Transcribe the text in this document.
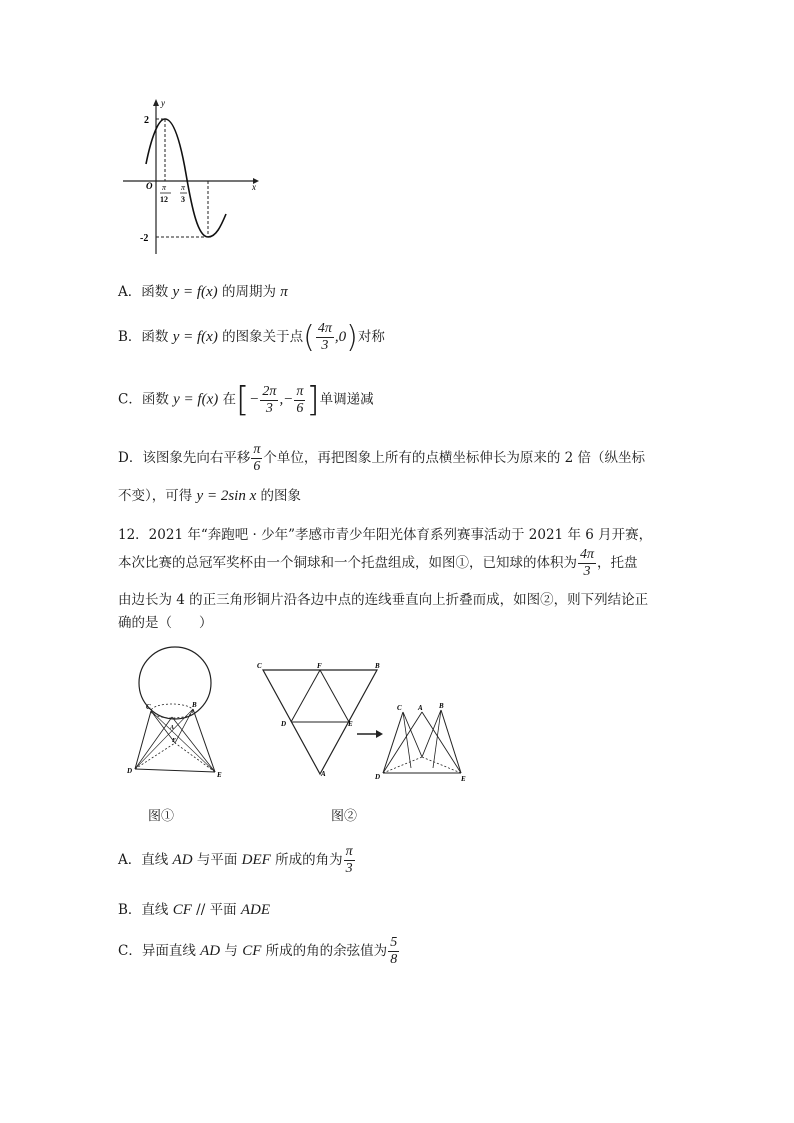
y
x
O
2
-2
π
12
π
3
A．函数 y = f(x) 的周期为 π
B．函数 y = f(x) 的图象关于点( $\frac{4\pi}{3} ,0$)对称
C．函数 y = f(x) 在[− $\frac{2\pi}{3}$ ,− $\frac{\pi}{6}$ ]单调递减
D．该图象先向右平移 $\frac{\pi}{6}$ 个单位，再把图象上所有的点横坐标伸长为原来的 2 倍（纵坐标
不变），可得 y = 2sin x 的图象
12．2021 年“奔跑吧 · 少年”孝感市青少年阳光体育系列赛事活动于 2021 年 6 月开赛，
本次比赛的总冠军奖杯由一个铜球和一个托盘组成，如图①，已知球的体积为 $\frac{4\pi}{3}$ ，托盘
由边长为 4 的正三角形铜片沿各边中点的连线垂直向上折叠而成，如图②，则下列结论正
确的是（　　）
C	B
A
F
D	E
C	F	B
D	E
A
C A B
D	E
图①	图②
A．直线 AD 与平面 DEF 所成的角为 $\frac{\pi}{3}$
B．直线 CF // 平面 ADE
C．异面直线 AD 与 CF 所成的角的余弦值为 $\frac{5}{8}$
